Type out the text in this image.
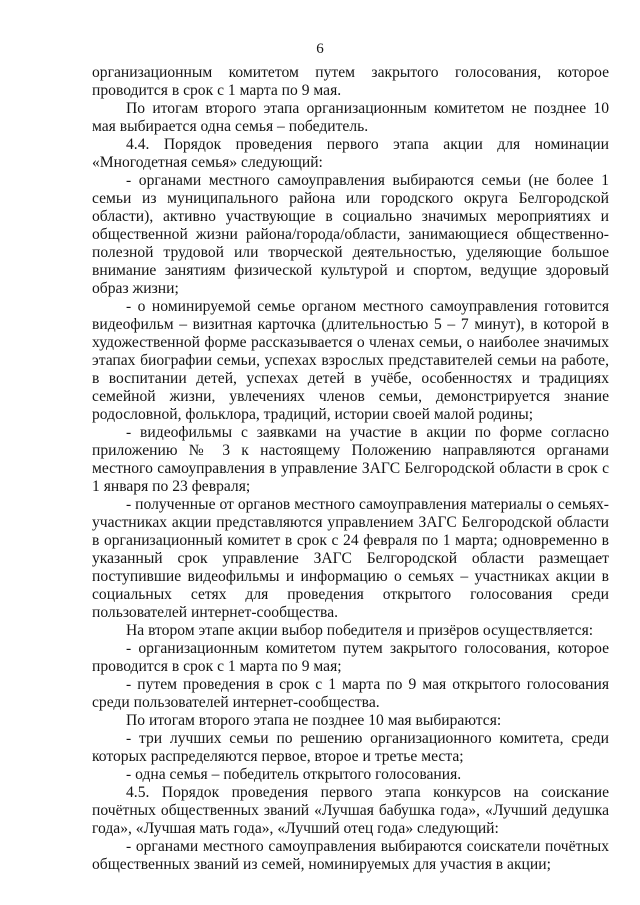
6

организационным комитетом путем закрытого голосования, которое проводится в срок с 1 марта по 9 мая.

По итогам второго этапа организационным комитетом не позднее 10 мая выбирается одна семья – победитель.

4.4. Порядок проведения первого этапа акции для номинации «Многодетная семья» следующий:

- органами местного самоуправления выбираются семьи (не более 1 семьи из муниципального района или городского округа Белгородской области), активно участвующие в социально значимых мероприятиях и общественной жизни района/города/области, занимающиеся общественно-полезной трудовой или творческой деятельностью, уделяющие большое внимание занятиям физической культурой и спортом, ведущие здоровый образ жизни;

- о номинируемой семье органом местного самоуправления готовится видеофильм – визитная карточка (длительностью 5 – 7 минут), в которой в художественной форме рассказывается о членах семьи, о наиболее значимых этапах биографии семьи, успехах взрослых представителей семьи на работе, в воспитании детей, успехах детей в учёбе, особенностях и традициях семейной жизни, увлечениях членов семьи, демонстрируется знание родословной, фольклора, традиций, истории своей малой родины;

- видеофильмы с заявками на участие в акции по форме согласно приложению № 3 к настоящему Положению направляются органами местного самоуправления в управление ЗАГС Белгородской области в срок с 1 января по 23 февраля;

- полученные от органов местного самоуправления материалы о семьях-участниках акции представляются управлением ЗАГС Белгородской области в организационный комитет в срок с 24 февраля по 1 марта; одновременно в указанный срок управление ЗАГС Белгородской области размещает поступившие видеофильмы и информацию о семьях – участниках акции в социальных сетях для проведения открытого голосования среди пользователей интернет-сообщества.

На втором этапе акции выбор победителя и призёров осуществляется:

- организационным комитетом путем закрытого голосования, которое проводится в срок с 1 марта по 9 мая;

- путем проведения в срок с 1 марта по 9 мая открытого голосования среди пользователей интернет-сообщества.

По итогам второго этапа не позднее 10 мая выбираются:

- три лучших семьи по решению организационного комитета, среди которых распределяются первое, второе и третье места;

- одна семья – победитель открытого голосования.

4.5. Порядок проведения первого этапа конкурсов на соискание почётных общественных званий «Лучшая бабушка года», «Лучший дедушка года», «Лучшая мать года», «Лучший отец года» следующий:

- органами местного самоуправления выбираются соискатели почётных общественных званий из семей, номинируемых для участия в акции;
